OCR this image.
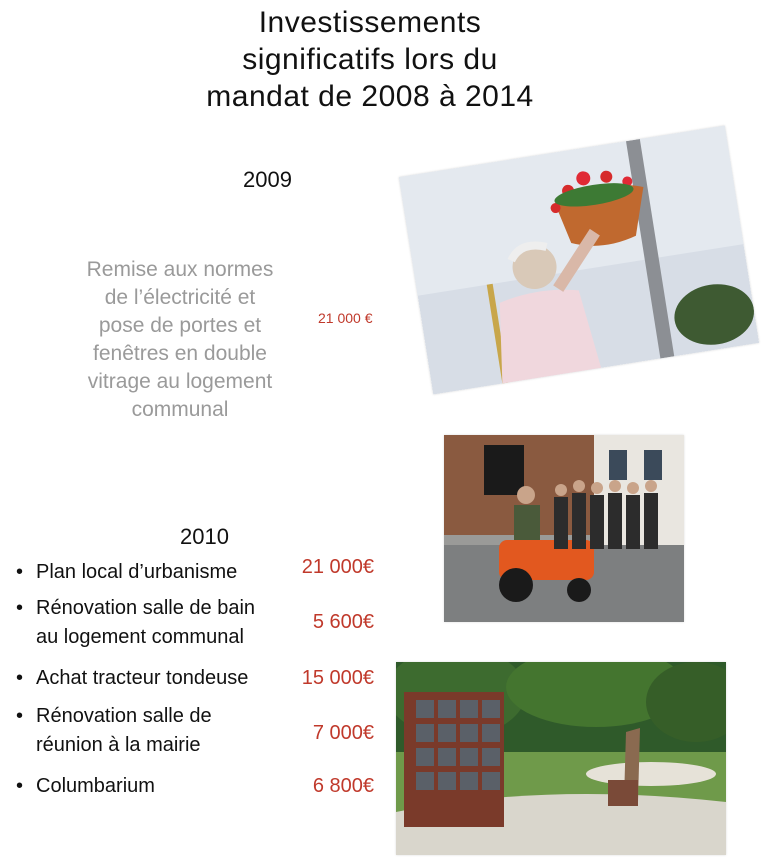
Investissements
significatifs lors du
mandat de 2008 à 2014
2009
Remise aux normes
de l’électricité et
pose de portes et
fenêtres en double
vitrage au logement
communal
21 000 €
2010
• Plan local d’urbanisme	21 000€
• Rénovation salle de bain
au logement communal
5 600€
• Achat tracteur tondeuse	15 000€
• Rénovation salle de
réunion à la mairie
7 000€
• Columbarium	6 800€
